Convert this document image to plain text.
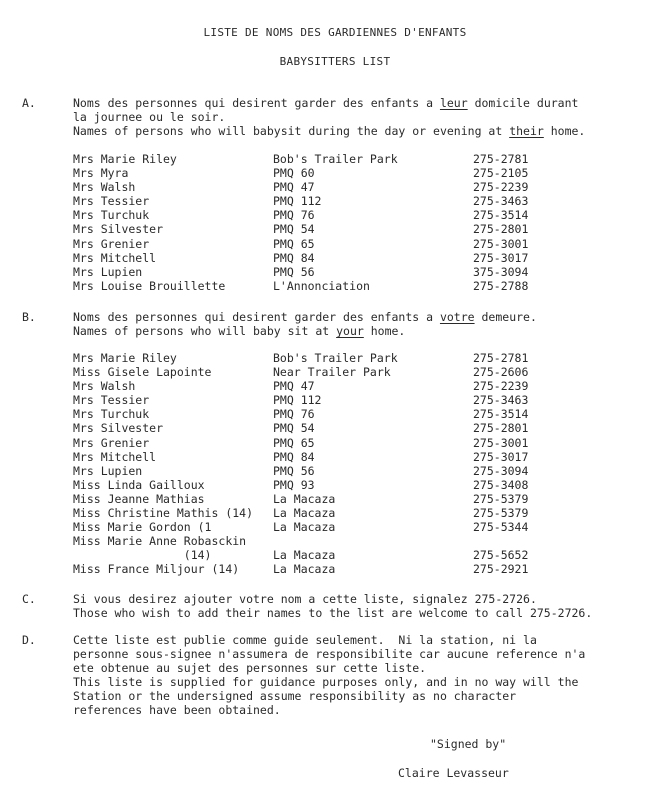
LISTE DE NOMS DES GARDIENNES D'ENFANTS
BABYSITTERS LIST
A.	Noms des personnes qui desirent garder des enfants a leur domicile durant

la journee ou le soir.

Names of persons who will babysit during the day or evening at their home.

Mrs Marie Riley	Bob's Trailer Park	275-2781
Mrs Myra	PMQ 60	275-2105
Mrs Walsh	PMQ 47	275-2239
Mrs Tessier	PMQ 112	275-3463
Mrs Turchuk	PMQ 76	275-3514
Mrs Silvester	PMQ 54	275-2801
Mrs Grenier	PMQ 65	275-3001
Mrs Mitchell	PMQ 84	275-3017
Mrs Lupien	PMQ 56	375-3094
Mrs Louise Brouillette	L'Annonciation	275-2788
B.	Noms des personnes qui desirent garder des enfants a votre demeure.

Names of persons who will baby sit at your home.

Mrs Marie Riley	Bob's Trailer Park	275-2781
Miss Gisele Lapointe	Near Trailer Park	275-2606
Mrs Walsh	PMQ 47	275-2239
Mrs Tessier	PMQ 112	275-3463
Mrs Turchuk	PMQ 76	275-3514
Mrs Silvester	PMQ 54	275-2801
Mrs Grenier	PMQ 65	275-3001
Mrs Mitchell	PMQ 84	275-3017
Mrs Lupien	PMQ 56	275-3094
Miss Linda Gailloux	PMQ 93	275-3408
Miss Jeanne Mathias	La Macaza	275-5379
Miss Christine Mathis (14)	La Macaza	275-5379
Miss Marie Gordon (1	La Macaza	275-5344
Miss Marie Anne Robasckin		
(14)	La Macaza	275-5652
Miss France Miljour (14)	La Macaza	275-2921
C.	Si vous desirez ajouter votre nom a cette liste, signalez 275-2726.

Those who wish to add their names to the list are welcome to call 275-2726.

D.	Cette liste est publie comme guide seulement.  Ni la station, ni la

personne sous-signee n'assumera de responsibilite car aucune reference n'a

ete obtenue au sujet des personnes sur cette liste.

This liste is supplied for guidance purposes only, and in no way will the

Station or the undersigned assume responsibility as no character

references have been obtained.

"Signed by"
Claire Levasseur
